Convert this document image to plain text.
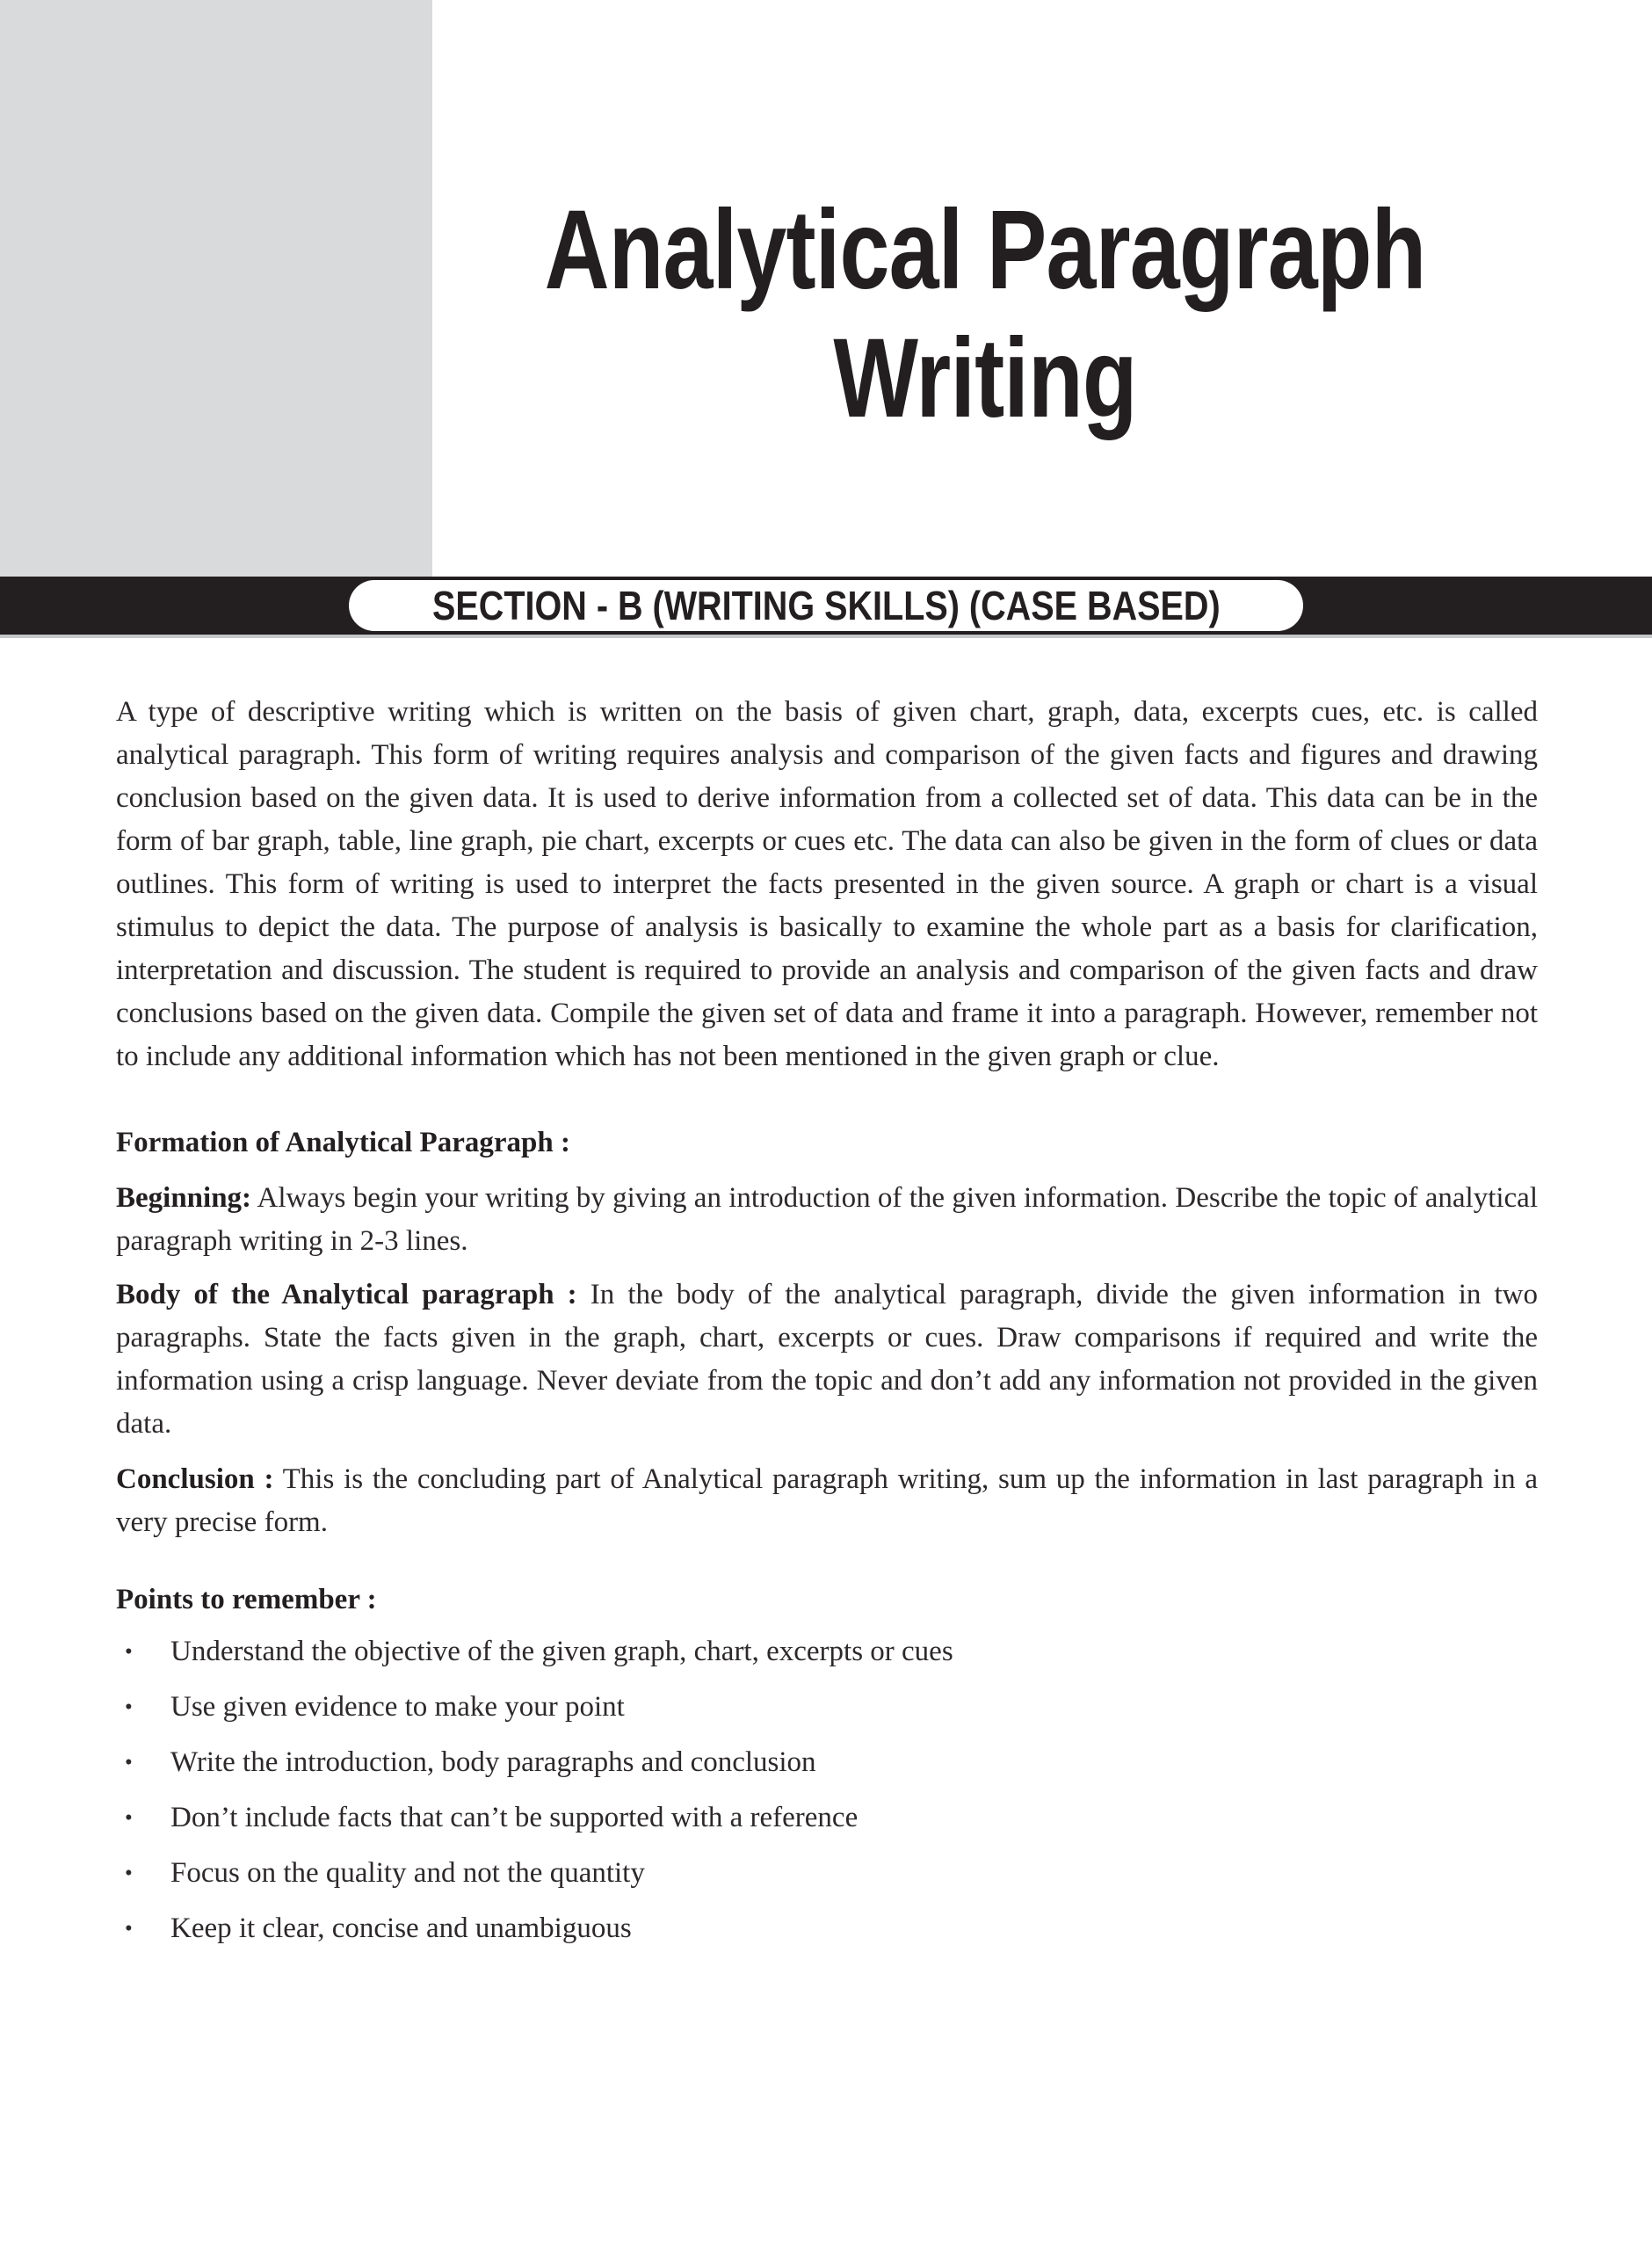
Analytical Paragraph
Writing
SECTION - B (WRITING SKILLS) (CASE BASED)

A type of descriptive writing which is written on the basis of given chart, graph, data, excerpts cues, etc. is called analytical paragraph. This form of writing requires analysis and comparison of the given facts and figures and drawing conclusion based on the given data. It is used to derive information from a collected set of data. This data can be in the form of bar graph, table, line graph, pie chart, excerpts or cues etc. The data can also be given in the form of clues or data outlines. This form of writing is used to interpret the facts presented in the given source. A graph or chart is a visual stimulus to depict the data. The purpose of analysis is basically to examine the whole part as a basis for clarification, interpretation and discussion. The student is required to provide an analysis and comparison of the given facts and draw conclusions based on the given data. Compile the given set of data and frame it into a paragraph. However, remember not to include any additional information which has not been mentioned in the given graph or clue.

Formation of Analytical Paragraph :

Beginning: Always begin your writing by giving an introduction of the given information. Describe the topic of analytical paragraph writing in 2-3 lines.

Body of the Analytical paragraph : In the body of the analytical paragraph, divide the given information in two paragraphs. State the facts given in the graph, chart, excerpts or cues. Draw comparisons if required and write the information using a crisp language. Never deviate from the topic and don’t add any information not provided in the given data.

Conclusion : This is the concluding part of Analytical paragraph writing, sum up the information in last paragraph in a very precise form.

Points to remember :

•	Understand the objective of the given graph, chart, excerpts or cues
•	Use given evidence to make your point
•	Write the introduction, body paragraphs and conclusion
•	Don’t include facts that can’t be supported with a reference
•	Focus on the quality and not the quantity
•	Keep it clear, concise and unambiguous
